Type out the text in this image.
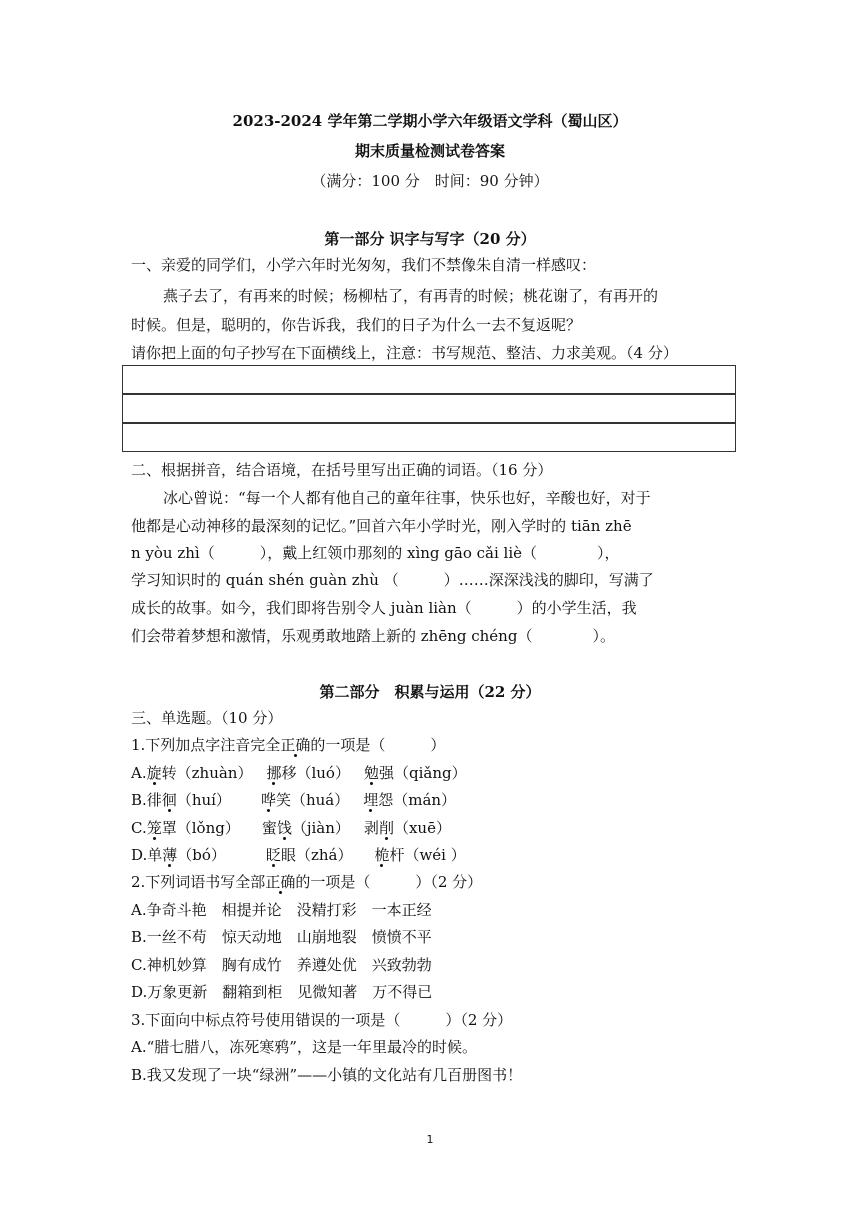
2023-2024 学年第二学期小学六年级语文学科（蜀山区）
期末质量检测试卷答案
（满分：100 分　时间：90 分钟）
第一部分 识字与写字（20 分）
一、亲爱的同学们，小学六年时光匆匆，我们不禁像朱自清一样感叹：
燕子去了，有再来的时候；杨柳枯了，有再青的时候；桃花谢了，有再开的
时候。但是，聪明的，你告诉我，我们的日子为什么一去不复返呢？
请你把上面的句子抄写在下面横线上，注意：书写规范、整洁、力求美观。（4 分）
二、根据拼音，结合语境，在括号里写出正确的词语。（16 分）
冰心曾说：“每一个人都有他自己的童年往事，快乐也好，辛酸也好，对于
他都是心动神移的最深刻的记忆。”回首六年小学时光，刚入学时的 tiān zhē
n yòu zhì（　　　），戴上红领巾那刻的 xìng gāo cǎi liè（　　　　），
学习知识时的 quán shén guàn zhù （　　　）……深深浅浅的脚印，写满了
成长的故事。如今，我们即将告别令人 juàn liàn（　　　）的小学生活，我
们会带着梦想和激情，乐观勇敢地踏上新的 zhēng chéng（　　　　）。
第二部分　积累与运用（22 分）
三、单选题。（10 分）
1.下列加点字注音完全正确的一项是（　　　）
A.旋转（zhuàn） 挪移（luó） 勉强（qiǎng）
B.徘徊（huí） 哗笑（huá） 埋怨（mán）
C.笼罩（lǒng） 蜜饯（jiàn） 剥削（xuē）
D.单薄（bó）	眨眼（zhá） 桅杆（wéi ）
2.下列词语书写全部正确的一项是（　　　）（2 分）
A.争奇斗艳　相提并论　没精打彩　一本正经
B.一丝不苟　惊天动地　山崩地裂　愤愤不平
C.神机妙算　胸有成竹　养遵处优　兴致勃勃
D.万象更新　翻箱到柜　见微知著　万不得已
3.下面向中标点符号使用错误的一项是（　　　）（2 分）
A.“腊七腊八，冻死寒鸦”，这是一年里最冷的时候。
B.我又发现了一块“绿洲”——小镇的文化站有几百册图书！
1
